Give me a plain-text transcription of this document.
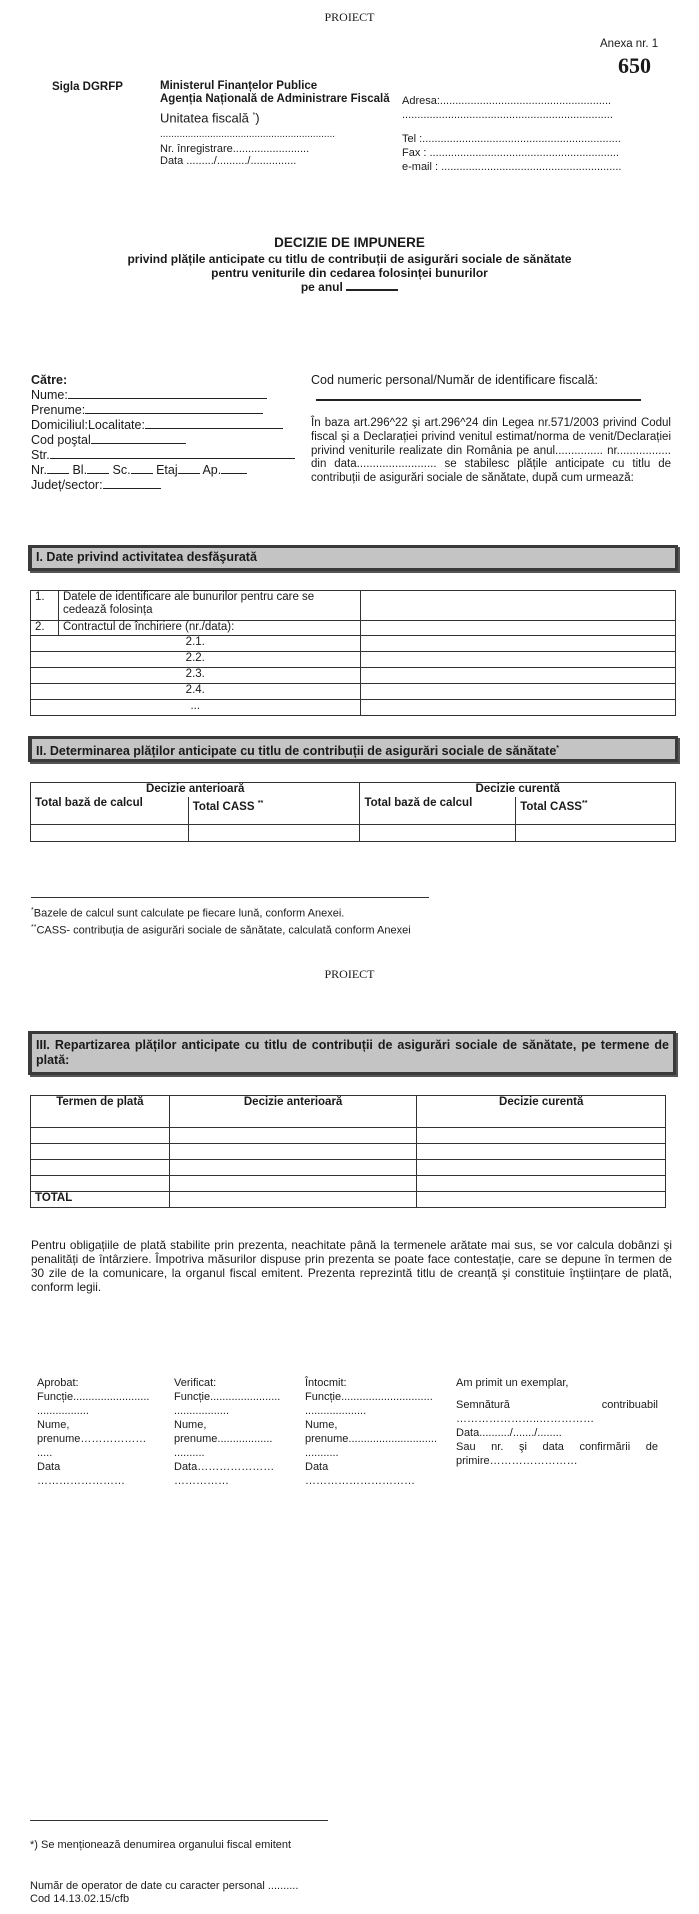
PROIECT
Anexa nr. 1
650
Sigla DGRFP	Ministerul Finanțelor Publice
Agenția Națională de Administrare Fiscală
Unitatea fiscală *)
...............................................................
Nr. înregistrare.........................
Data ........./........../...............
Adresa:........................................................
.....................................................................
Tel :.................................................................
Fax : ..............................................................
e-mail : ...........................................................
DECIZIE DE IMPUNERE
privind plățile anticipate cu titlu de contribuții de asigurări sociale de sănătate
pentru veniturile din cedarea folosinței bunurilor
pe anul
Către:
Nume:
Prenume:
Domiciliul:Localitate:
Cod poştal
Str.
Nr. Bl. Sc. Etaj Ap.
Județ/sector:
Cod numeric personal/Număr de identificare fiscală:
În baza art.296^22 şi art.296^24 din Legea nr.571/2003 privind Codul fiscal şi a Declarației privind venitul estimat/norma de venit/Declarației privind veniturile realizate din România pe anul............... nr................. din data......................... se stabilesc plățile anticipate cu titlu de contribuții de asigurări sociale de sănătate, după cum urmează:
I. Date privind activitatea desfăşurată
1.	Datele de identificare ale bunurilor pentru care se cedează folosința	
2.	Contractul de închiriere (nr./data):	
2.1.		
2.2.		
2.3.		
2.4.		
...		
II. Determinarea plăților anticipate cu titlu de contribuții de asigurări sociale de sănătate*
Decizie anterioară		Decizie curentă	
Total bază de calcul	Total CASS **	Total bază de calcul	Total CASS**

*Bazele de calcul sunt calculate pe fiecare lună, conform Anexei.
**CASS- contribuția de asigurări sociale de sănătate, calculată conform Anexei
PROIECT
III. Repartizarea plăților anticipate cu titlu de contribuții de asigurări sociale de sănătate, pe termene de plată:
Termen de plată	Decizie anterioară	Decizie curentă

TOTAL		
Pentru obligațiile de plată stabilite prin prezenta, neachitate până la termenele arătate mai sus, se vor calcula dobânzi şi penalități de întârziere. Împotriva măsurilor dispuse prin prezenta se poate face contestație, care se depune în termen de 30 zile de la comunicare, la organul fiscal emitent. Prezenta reprezintă titlu de creanță şi constituie înştiințare de plată, conform legii.
Aprobat:
Funcție.........................
.................
Nume,
prenume………………
.....
Data
……………………
Verificat:
Funcție.......................
..................
Nume,
prenume..................
..........
Data…………………
……………
Întocmit:
Funcție..............................
....................
Nume,
prenume.............................
...........
Data
…………………………
Am primit un exemplar,
Semnătură	contribuabil
…………………..……………
Data........../......./........
Sau nr. şi data confirmării de primire……………………
*) Se menționează denumirea organului fiscal emitent
Număr de operator de date cu caracter personal ..........
Cod 14.13.02.15/cfb
